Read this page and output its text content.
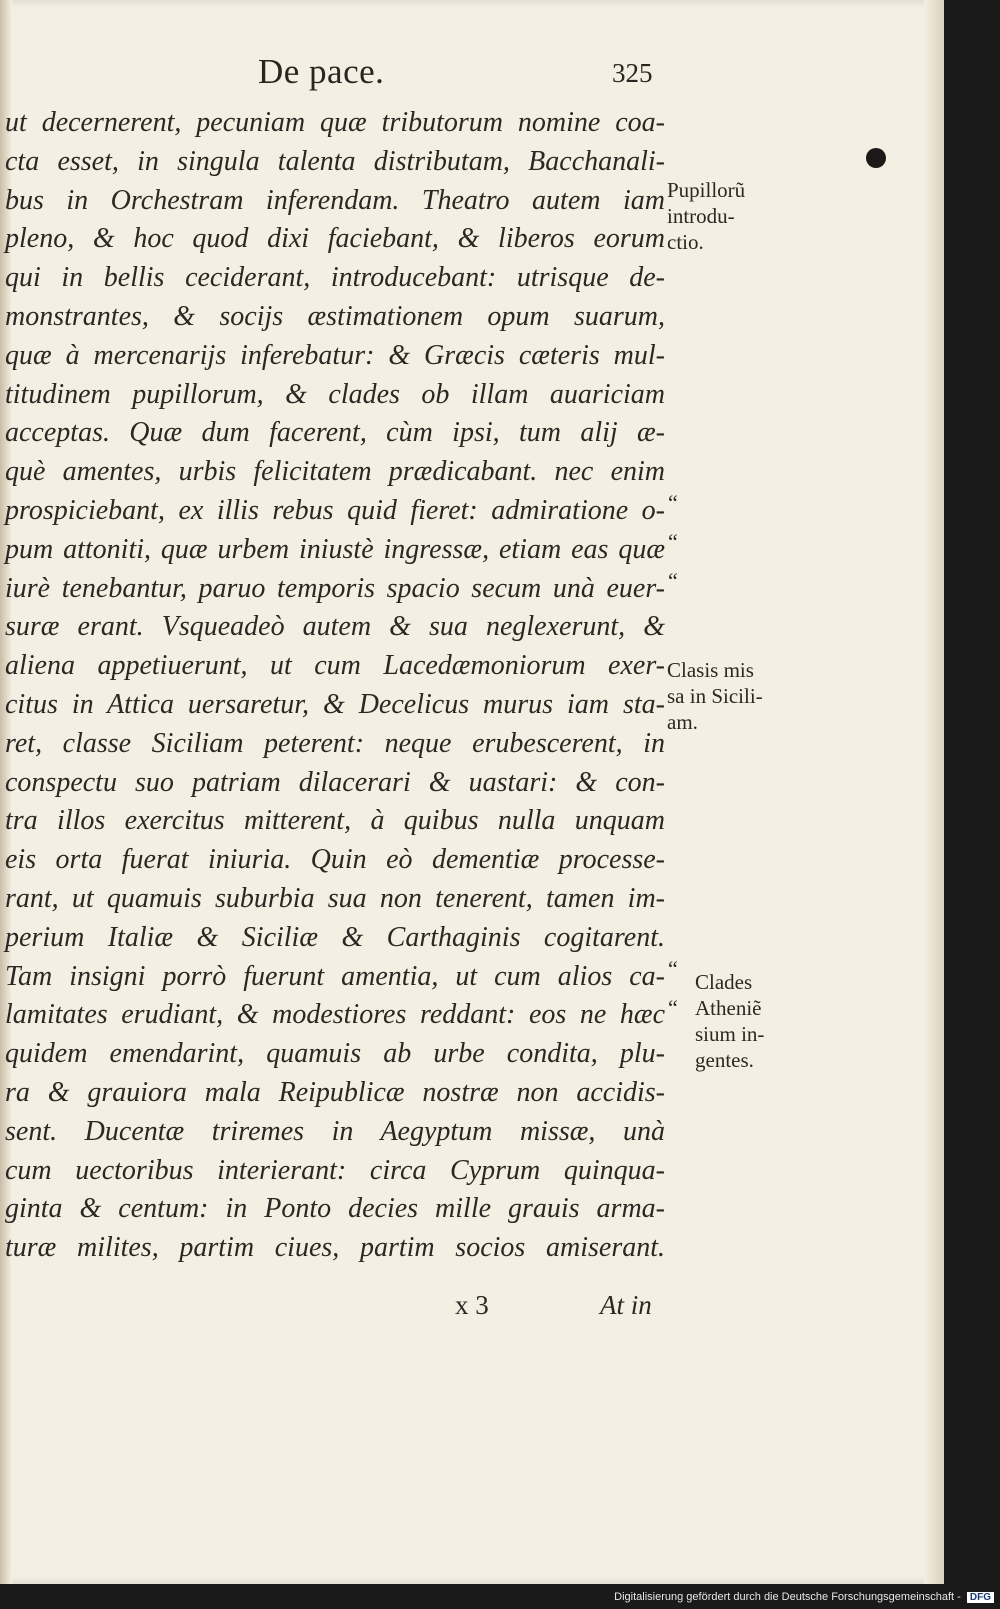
De pace.	325
ut decernerent, pecuniam quæ tributorum nomine coa-
cta esset, in singula talenta distributam, Bacchanali-
bus in Orchestram inferendam. Theatro autem iam
pleno, & hoc quod dixi faciebant, & liberos eorum
qui in bellis ceciderant, introducebant: utrisque de-
monstrantes, & socijs æstimationem opum suarum,
quæ à mercenarijs inferebatur: & Græcis cæteris mul-
titudinem pupillorum, & clades ob illam auariciam
acceptas. Quæ dum facerent, cùm ipsi, tum alij æ-
què amentes, urbis felicitatem prædicabant. nec enim
prospiciebant, ex illis rebus quid fieret: admiratione o-
pum attoniti, quæ urbem iniustè ingressæ, etiam eas quæ
iurè tenebantur, paruo temporis spacio secum unà euer-
suræ erant. Vsqueadeò autem & sua neglexerunt, &
aliena appetiuerunt, ut cum Lacedæmoniorum exer-
citus in Attica uersaretur, & Decelicus murus iam sta-
ret, classe Siciliam peterent: neque erubescerent, in
conspectu suo patriam dilacerari & uastari: & con-
tra illos exercitus mitterent, à quibus nulla unquam
eis orta fuerat iniuria. Quin eò dementiæ processe-
rant, ut quamuis suburbia sua non tenerent, tamen im-
perium Italiæ & Siciliæ & Carthaginis cogitarent.
Tam insigni porrò fuerunt amentia, ut cum alios ca-
lamitates erudiant, & modestiores reddant: eos ne hæc
quidem emendarint, quamuis ab urbe condita, plu-
ra & grauiora mala Reipublicæ nostræ non accidis-
sent. Ducentæ triremes in Aegyptum missæ, unà
cum uectoribus interierant: circa Cyprum quinqua-
ginta & centum: in Ponto decies mille grauis arma-
turæ milites, partim ciues, partim socios amiserant.
“
“
“
“
“
Pupillorũ
introdu-
ctio.
Clasis mis
sa in Sicili-
am.
Clades
Atheniẽ
sium in-
gentes.
x 3	At in
Digitalisierung gefördert durch die Deutsche Forschungsgemeinschaft - DFG
